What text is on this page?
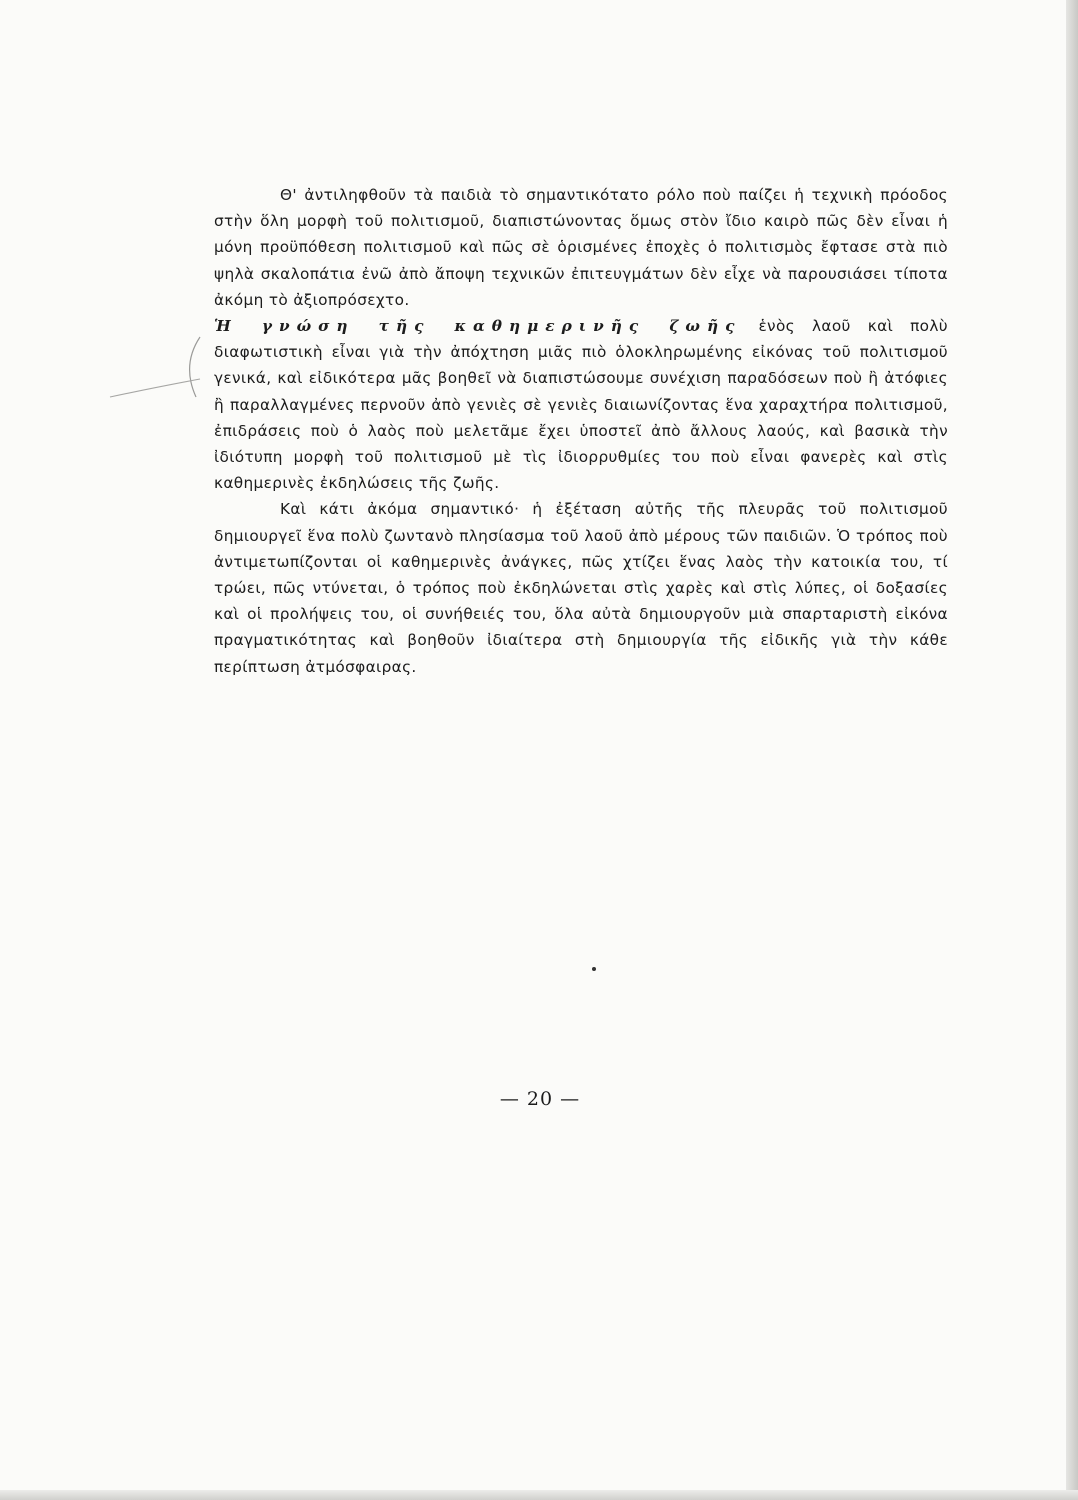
Θ' ἀντιληφθοῦν τὰ παιδιὰ τὸ σημαντικότατο ρόλο ποὺ παίζει ἡ τεχνικὴ πρόοδος στὴν ὅλη μορφὴ τοῦ πολιτισμοῦ, διαπιστώνοντας ὅμως στὸν ἴδιο καιρὸ πῶς δὲν εἶναι ἡ μόνη προϋπόθεση πολιτισμοῦ καὶ πῶς σὲ ὁρισμένες ἐποχὲς ὁ πολιτισμὸς ἔφτασε στὰ πιὸ ψηλὰ σκαλοπάτια ἐνῶ ἀπὸ ἄποψη τεχνικῶν ἐπιτευγμάτων δὲν εἶχε νὰ παρουσιάσει τίποτα ἀκόμη τὸ ἀξιοπρόσεχτο.

Ἡ γνώση τῆς καθημερινῆς ζωῆς ἑνὸς λαοῦ καὶ πολὺ διαφωτιστικὴ εἶναι γιὰ τὴν ἀπόχτηση μιᾶς πιὸ ὁλοκληρωμένης εἰκόνας τοῦ πολιτισμοῦ γενικά, καὶ εἰδικότερα μᾶς βοηθεῖ νὰ διαπιστώσουμε συνέχιση παραδόσεων ποὺ ἢ ἀτόφιες ἢ παραλλαγμένες περνοῦν ἀπὸ γενιὲς σὲ γενιὲς διαιωνίζοντας ἕνα χαραχτήρα πολιτισμοῦ, ἐπιδράσεις ποὺ ὁ λαὸς ποὺ μελετᾶμε ἔχει ὑποστεῖ ἀπὸ ἄλλους λαούς, καὶ βασικὰ τὴν ἰδιότυπη μορφὴ τοῦ πολιτισμοῦ μὲ τὶς ἰδιορρυθμίες του ποὺ εἶναι φανερὲς καὶ στὶς καθημερινὲς ἐκδηλώσεις τῆς ζωῆς.

Καὶ κάτι ἀκόμα σημαντικό· ἡ ἐξέταση αὐτῆς τῆς πλευρᾶς τοῦ πολιτισμοῦ δημιουργεῖ ἕνα πολὺ ζωντανὸ πλησίασμα τοῦ λαοῦ ἀπὸ μέρους τῶν παιδιῶν. Ὁ τρόπος ποὺ ἀντιμετωπίζονται οἱ καθημερινὲς ἀνάγκες, πῶς χτίζει ἕνας λαὸς τὴν κατοικία του, τί τρώει, πῶς ντύνεται, ὁ τρόπος ποὺ ἐκδηλώνεται στὶς χαρὲς καὶ στὶς λύπες, οἱ δοξασίες καὶ οἱ προλήψεις του, οἱ συνήθειές του, ὅλα αὐτὰ δημιουργοῦν μιὰ σπαρταριστὴ εἰκόνα πραγματικότητας καὶ βοηθοῦν ἰδιαίτερα στὴ δημιουργία τῆς εἰδικῆς γιὰ τὴν κάθε περίπτωση ἀτμόσφαιρας.

— 20 —
